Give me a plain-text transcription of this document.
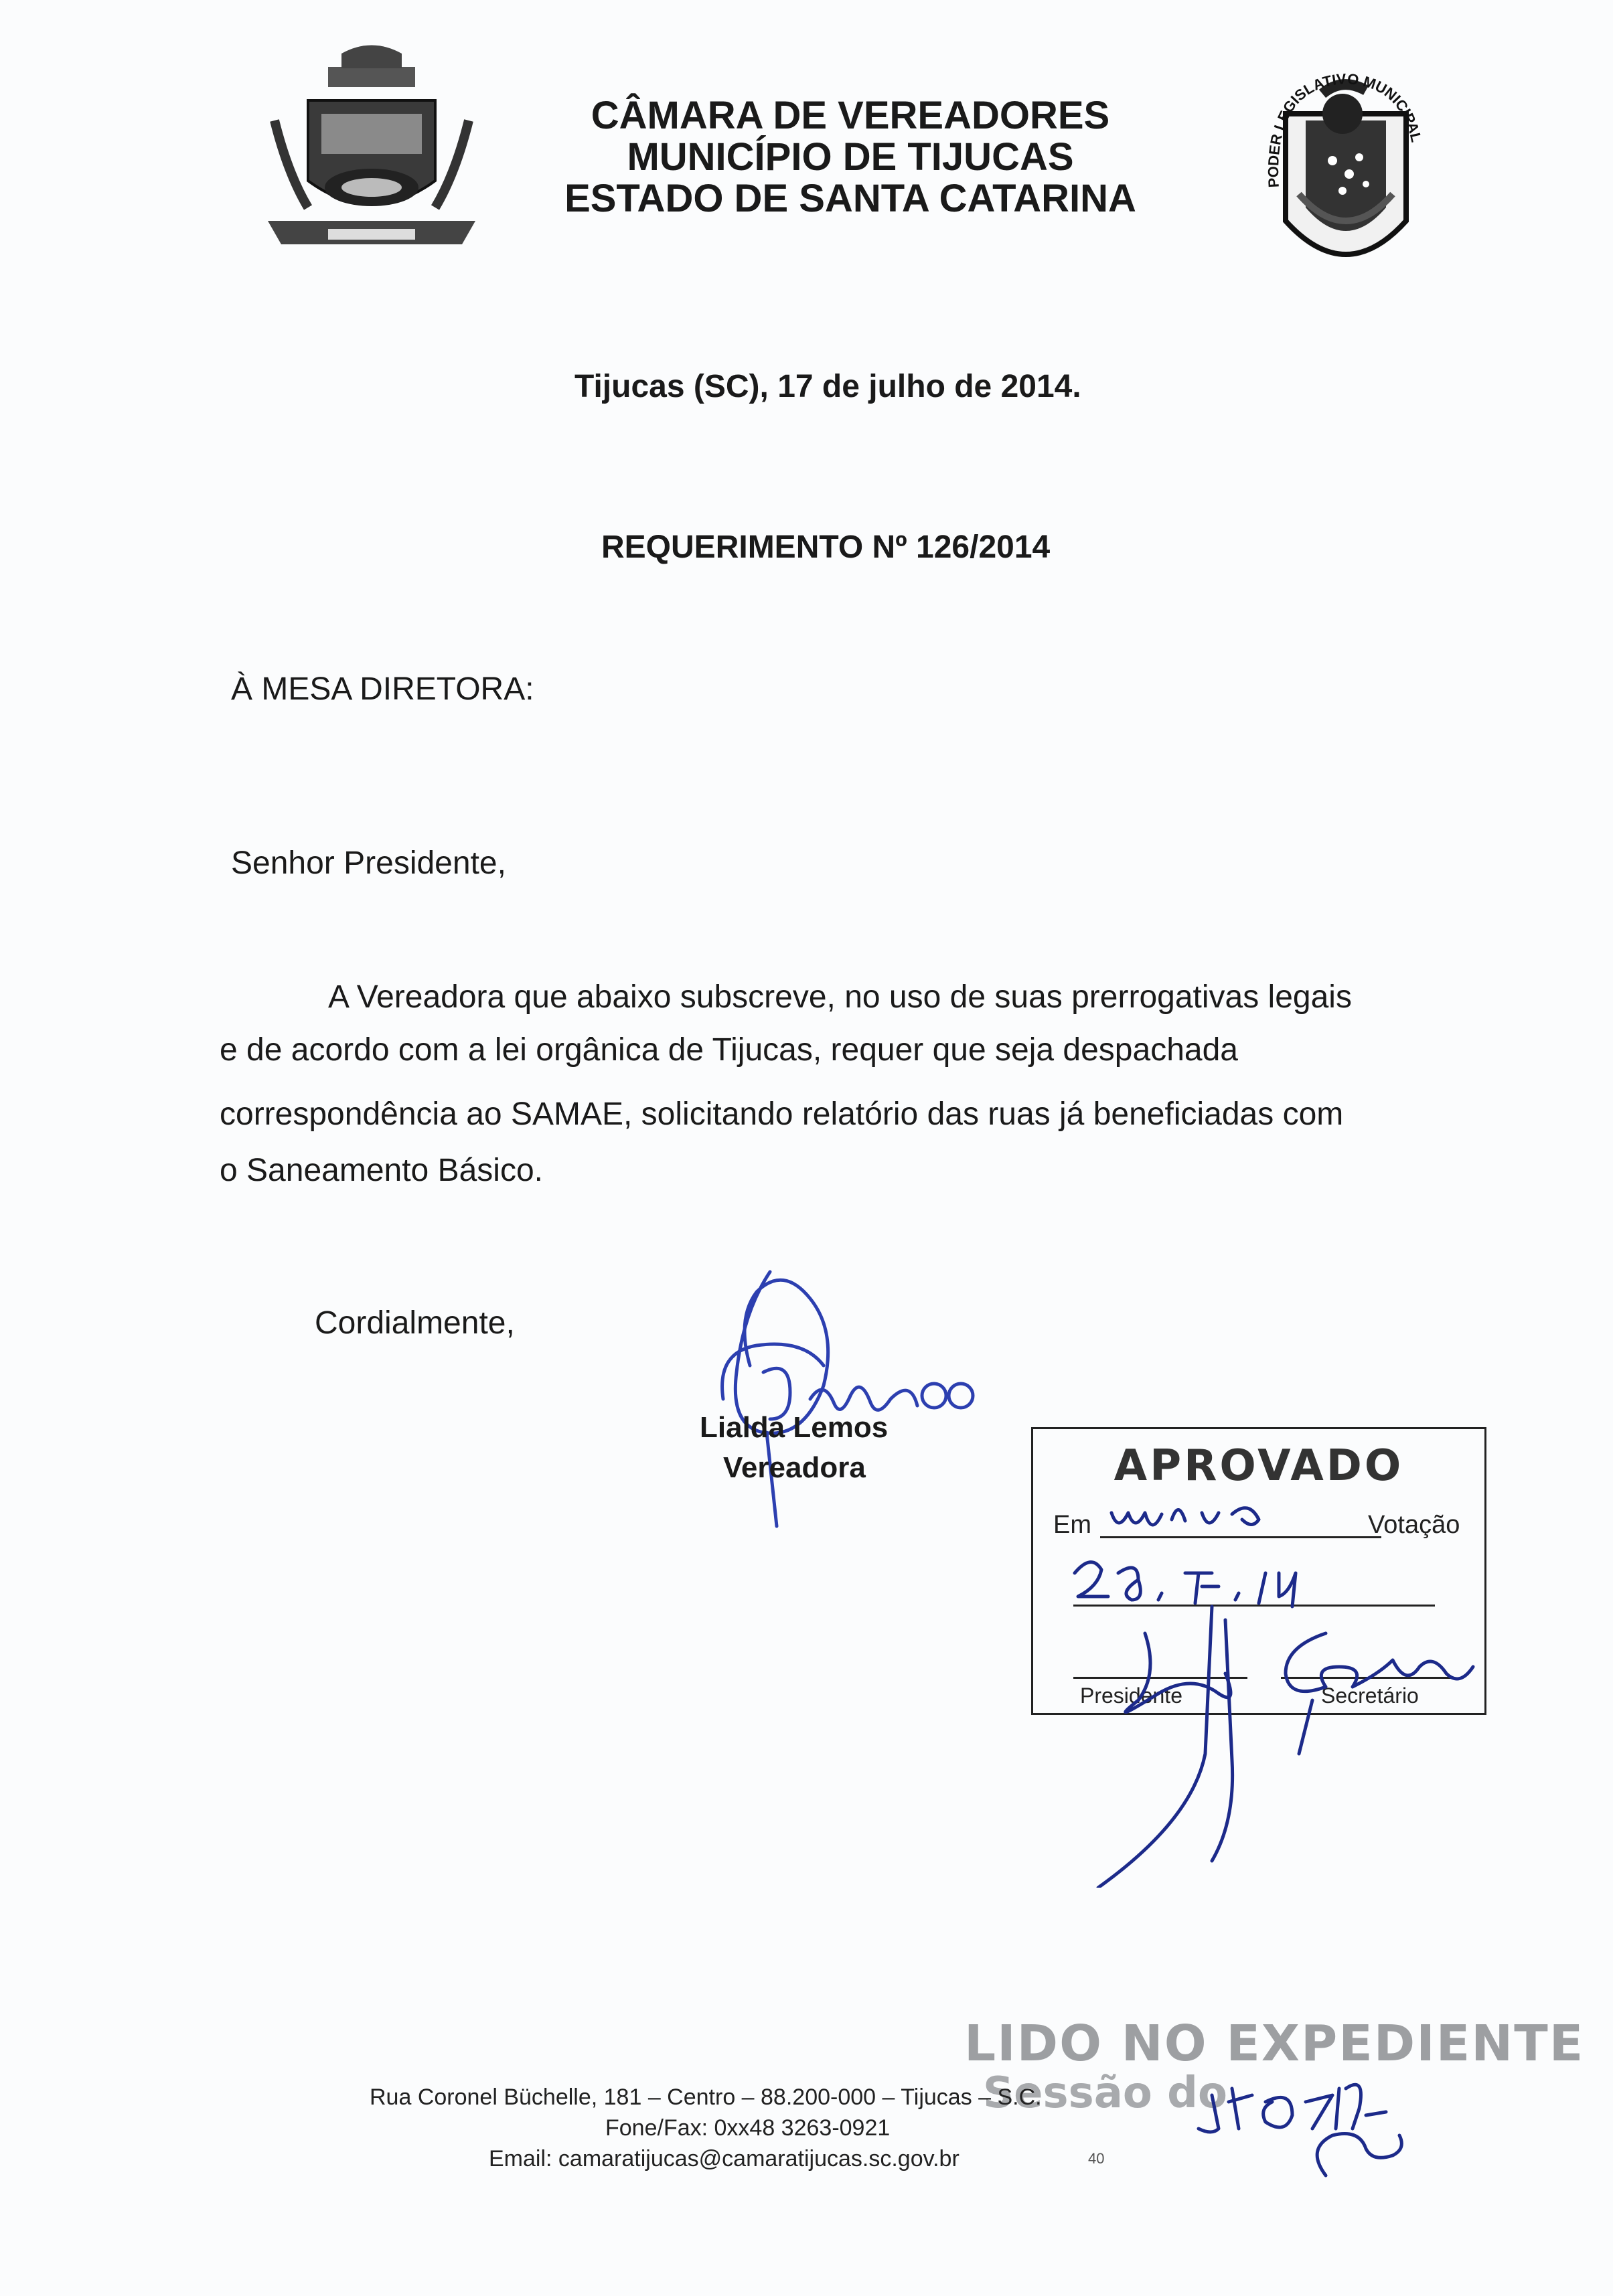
CÂMARA DE VEREADORES
MUNICÍPIO DE TIJUCAS
ESTADO DE SANTA CATARINA	PODER LEGISLATIVO MUNICIPAL
Tijucas (SC), 17 de julho de 2014.
REQUERIMENTO Nº 126/2014
À MESA DIRETORA:
Senhor Presidente,
A Vereadora que abaixo subscreve, no uso de suas prerrogativas legais
e de acordo com a lei orgânica de Tijucas, requer que seja despachada
correspondência ao SAMAE, solicitando relatório das ruas já beneficiadas com
o Saneamento Básico.
Cordialmente,
Lialda Lemos
Vereadora	APROVADO
Em	Votação
Presidente	Secretário
LIDO NO EXPEDIENTE
Sessão do
Rua Coronel Büchelle, 181 – Centro – 88.200-000 – Tijucas – S.C.
Fone/Fax: 0xx48 3263-0921
Email: camaratijucas@camaratijucas.sc.gov.br	40
